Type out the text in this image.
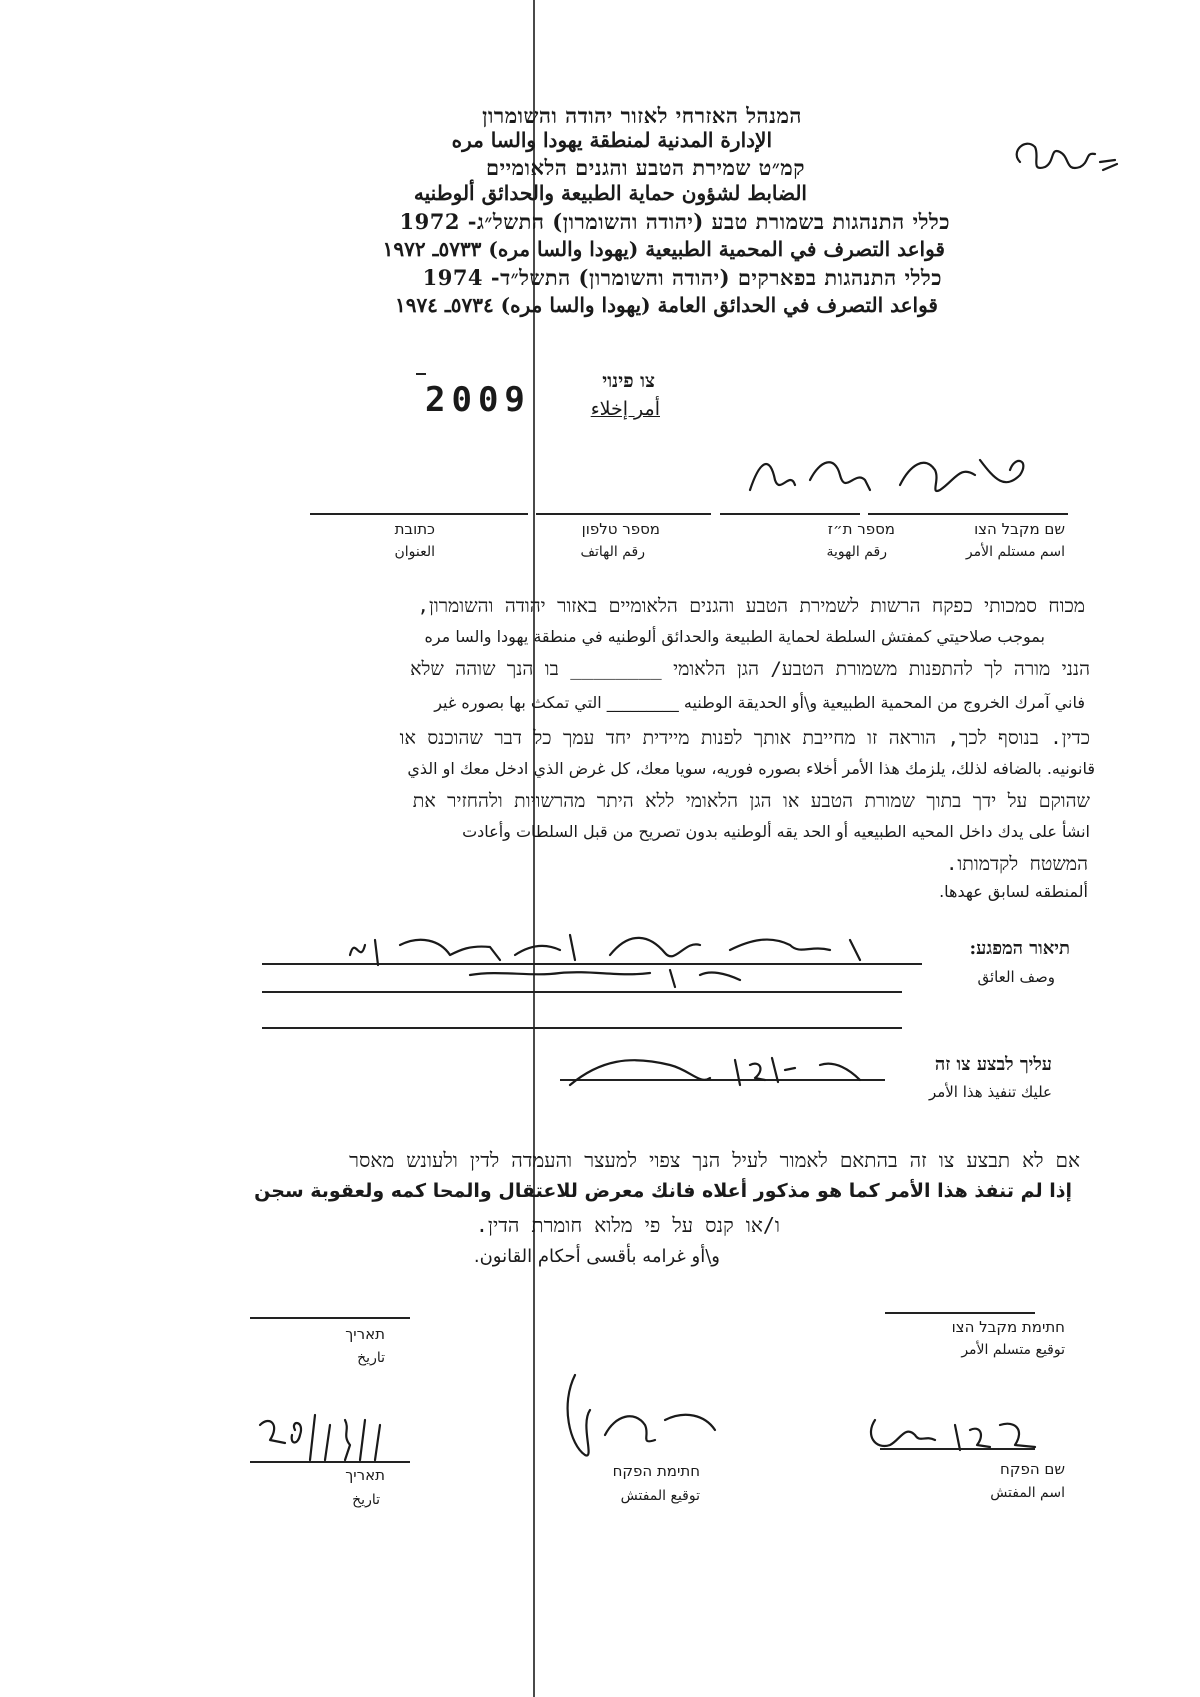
המנהל האזרחי לאזור יהודה והשומרון
الإدارة المدنية لمنطقة يهودا والسا مره
קמ״ט שמירת הטבע והגנים הלאומיים
الضابط لشؤون حماية الطبيعة والحدائق ألوطنيه
כללי התנהגות בשמורת טבע (יהודה והשומרון) התשל״ג- 1972
قواعد التصرف في المحمية الطبيعية (يهودا والسا مره) ٥٧٣٣ـ ١٩٧٢
כללי התנהגות בפארקים (יהודה והשומרון) התשל״ד- 1974
قواعد التصرف في الحدائق العامة (يهودا والسا مره) ٥٧٣٤ـ ١٩٧٤
2009	צו פינוי
أمر إخلاء
שם מקבל הצו
اسم مستلم الأمر
מספר ת״ז
رقم الهوية
מספר טלפון
رقم الهاتف
כתובת
العنوان
מכוח סמכותי כפקח הרשות לשמירת הטבע והגנים הלאומיים באזור יהודה והשומרון,
بموجب صلاحيتي كمفتش السلطة لحماية الطبيعة والحدائق ألوطنيه في منطقة يهودا والسا مره
הנני מורה לך להתפנות משמורת הטבע/ הגן הלאומי ________ בו הנך שוהה שלא
فاني آمرك الخروج من المحمية الطبيعية و\أو الحديقة الوطنيه _________ التي تمكث بها بصوره غير
כדין. בנוסף לכך, הוראה זו מחייבת אותך לפנות מיידית יחד עמך כל דבר שהוכנס או
قانونيه. بالضافه لذلك، يلزمك هذا الأمر أخلاء بصوره فوريه، سويا معك، كل غرض الذي ادخل معك او الذي
שהוקם על ידך בתוך שמורת הטבע או הגן הלאומי ללא היתר מהרשויות ולהחזיר את
انشأ على يدك داخل المحيه الطبيعيه أو الحد يقه ألوطنيه بدون تصريح من قبل السلطات وأعادت
המשטח לקדמותו.
ألمنطقه لسابق عهدها.
תיאור המפגע:
وصف العائق
עליך לבצע צו זה
عليك تنفيذ هذا الأمر
אם לא תבצע צו זה בהתאם לאמור לעיל הנך צפוי למעצר והעמדה לדין ולעונש מאסר
إذا لم تنفذ هذا الأمر كما هو مذكور أعلاه فانك معرض للاعتقال والمحا كمه ولعقوبة سجن
ו/או קנס על פי מלוא חומרת הדין.
و\أو غرامه بأقسى أحكام القانون.
תאריך
تاريخ
חתימת מקבל הצו
توقيع متسلم الأمر
תאריך
تاريخ
חתימת הפקח
توقيع المفتش
שם הפקח
اسم المفتش
